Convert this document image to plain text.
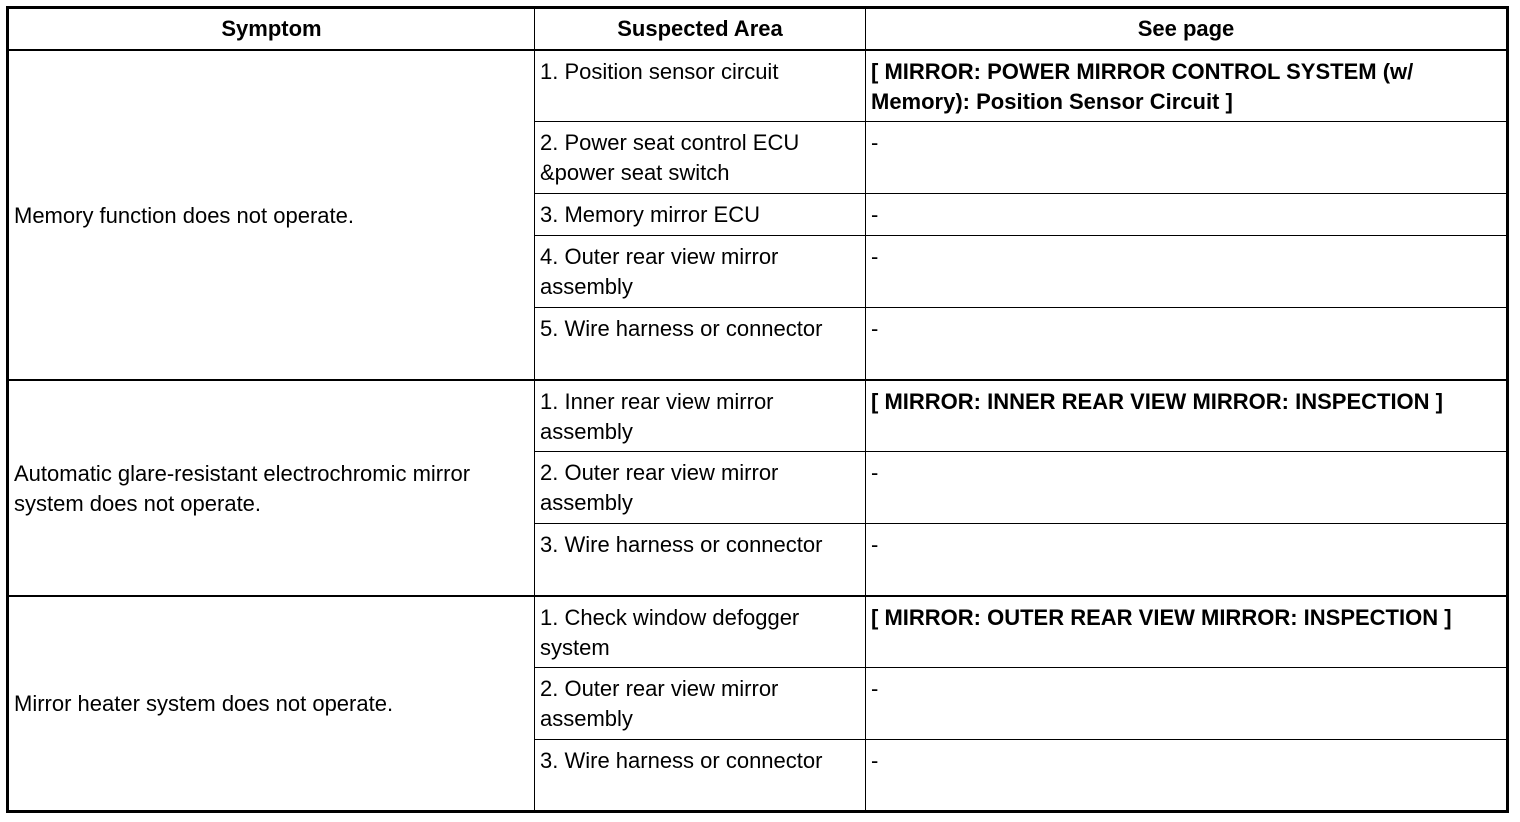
Symptom	Suspected Area	See page
Memory function does not operate.	1. Position sensor circuit	[ MIRROR: POWER MIRROR CONTROL SYSTEM (w/ Memory): Position Sensor Circuit ]
	2. Power seat control ECU &power seat switch	-
	3. Memory mirror ECU	-
	4. Outer rear view mirror assembly	-
	5. Wire harness or connector	-
Automatic glare-resistant electrochromic mirror system does not operate.	1. Inner rear view mirror assembly	[ MIRROR: INNER REAR VIEW MIRROR: INSPECTION ]
	2. Outer rear view mirror assembly	-
	3. Wire harness or connector	-
Mirror heater system does not operate.	1. Check window defogger system	[ MIRROR: OUTER REAR VIEW MIRROR: INSPECTION ]
	2. Outer rear view mirror assembly	-
	3. Wire harness or connector	-
